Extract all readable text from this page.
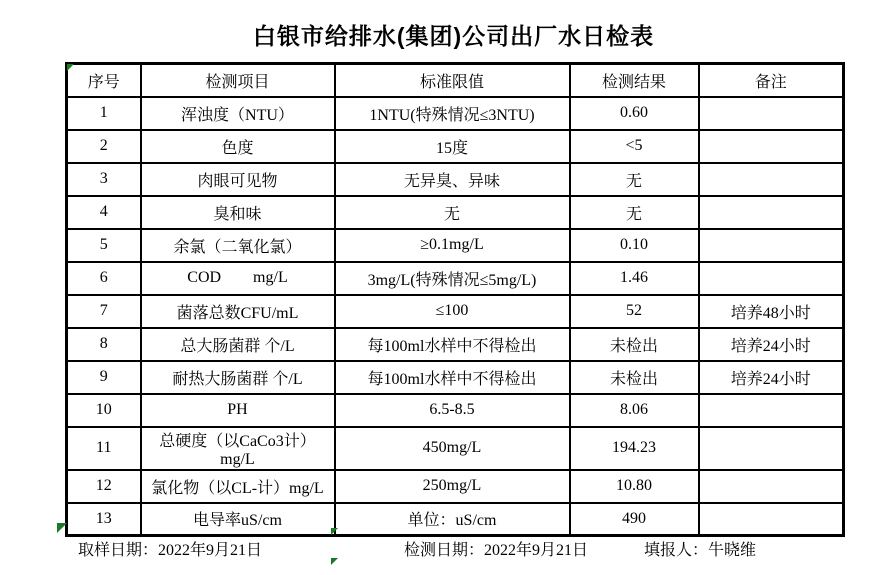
白银市给排水(集团)公司出厂水日检表
序号	检测项目	标准限值	检测结果	备注
1	浑浊度（NTU）	1NTU(特殊情况≤3NTU)	0.60	
2	色度	15度	<5	
3	肉眼可见物	无异臭、异味	无	
4	臭和味	无	无	
5	余氯（二氧化氯）	≥0.1mg/L	0.10	
6	COD        mg/L	3mg/L(特殊情况≤5mg/L)	1.46	
7	菌落总数CFU/mL	≤100	52	培养48小时
8	总大肠菌群 个/L	每100ml水样中不得检出	未检出	培养24小时
9	耐热大肠菌群 个/L	每100ml水样中不得检出	未检出	培养24小时
10	PH	6.5-8.5	8.06	
11	总硬度（以CaCo3计）mg/L	450mg/L	194.23	
12	氯化物（以CL-计）mg/L	250mg/L	10.80	
13	电导率uS/cm	单位：uS/cm	490	
取样日期：2022年9月21日	检测日期：2022年9月21日	填报人：牛晓维
